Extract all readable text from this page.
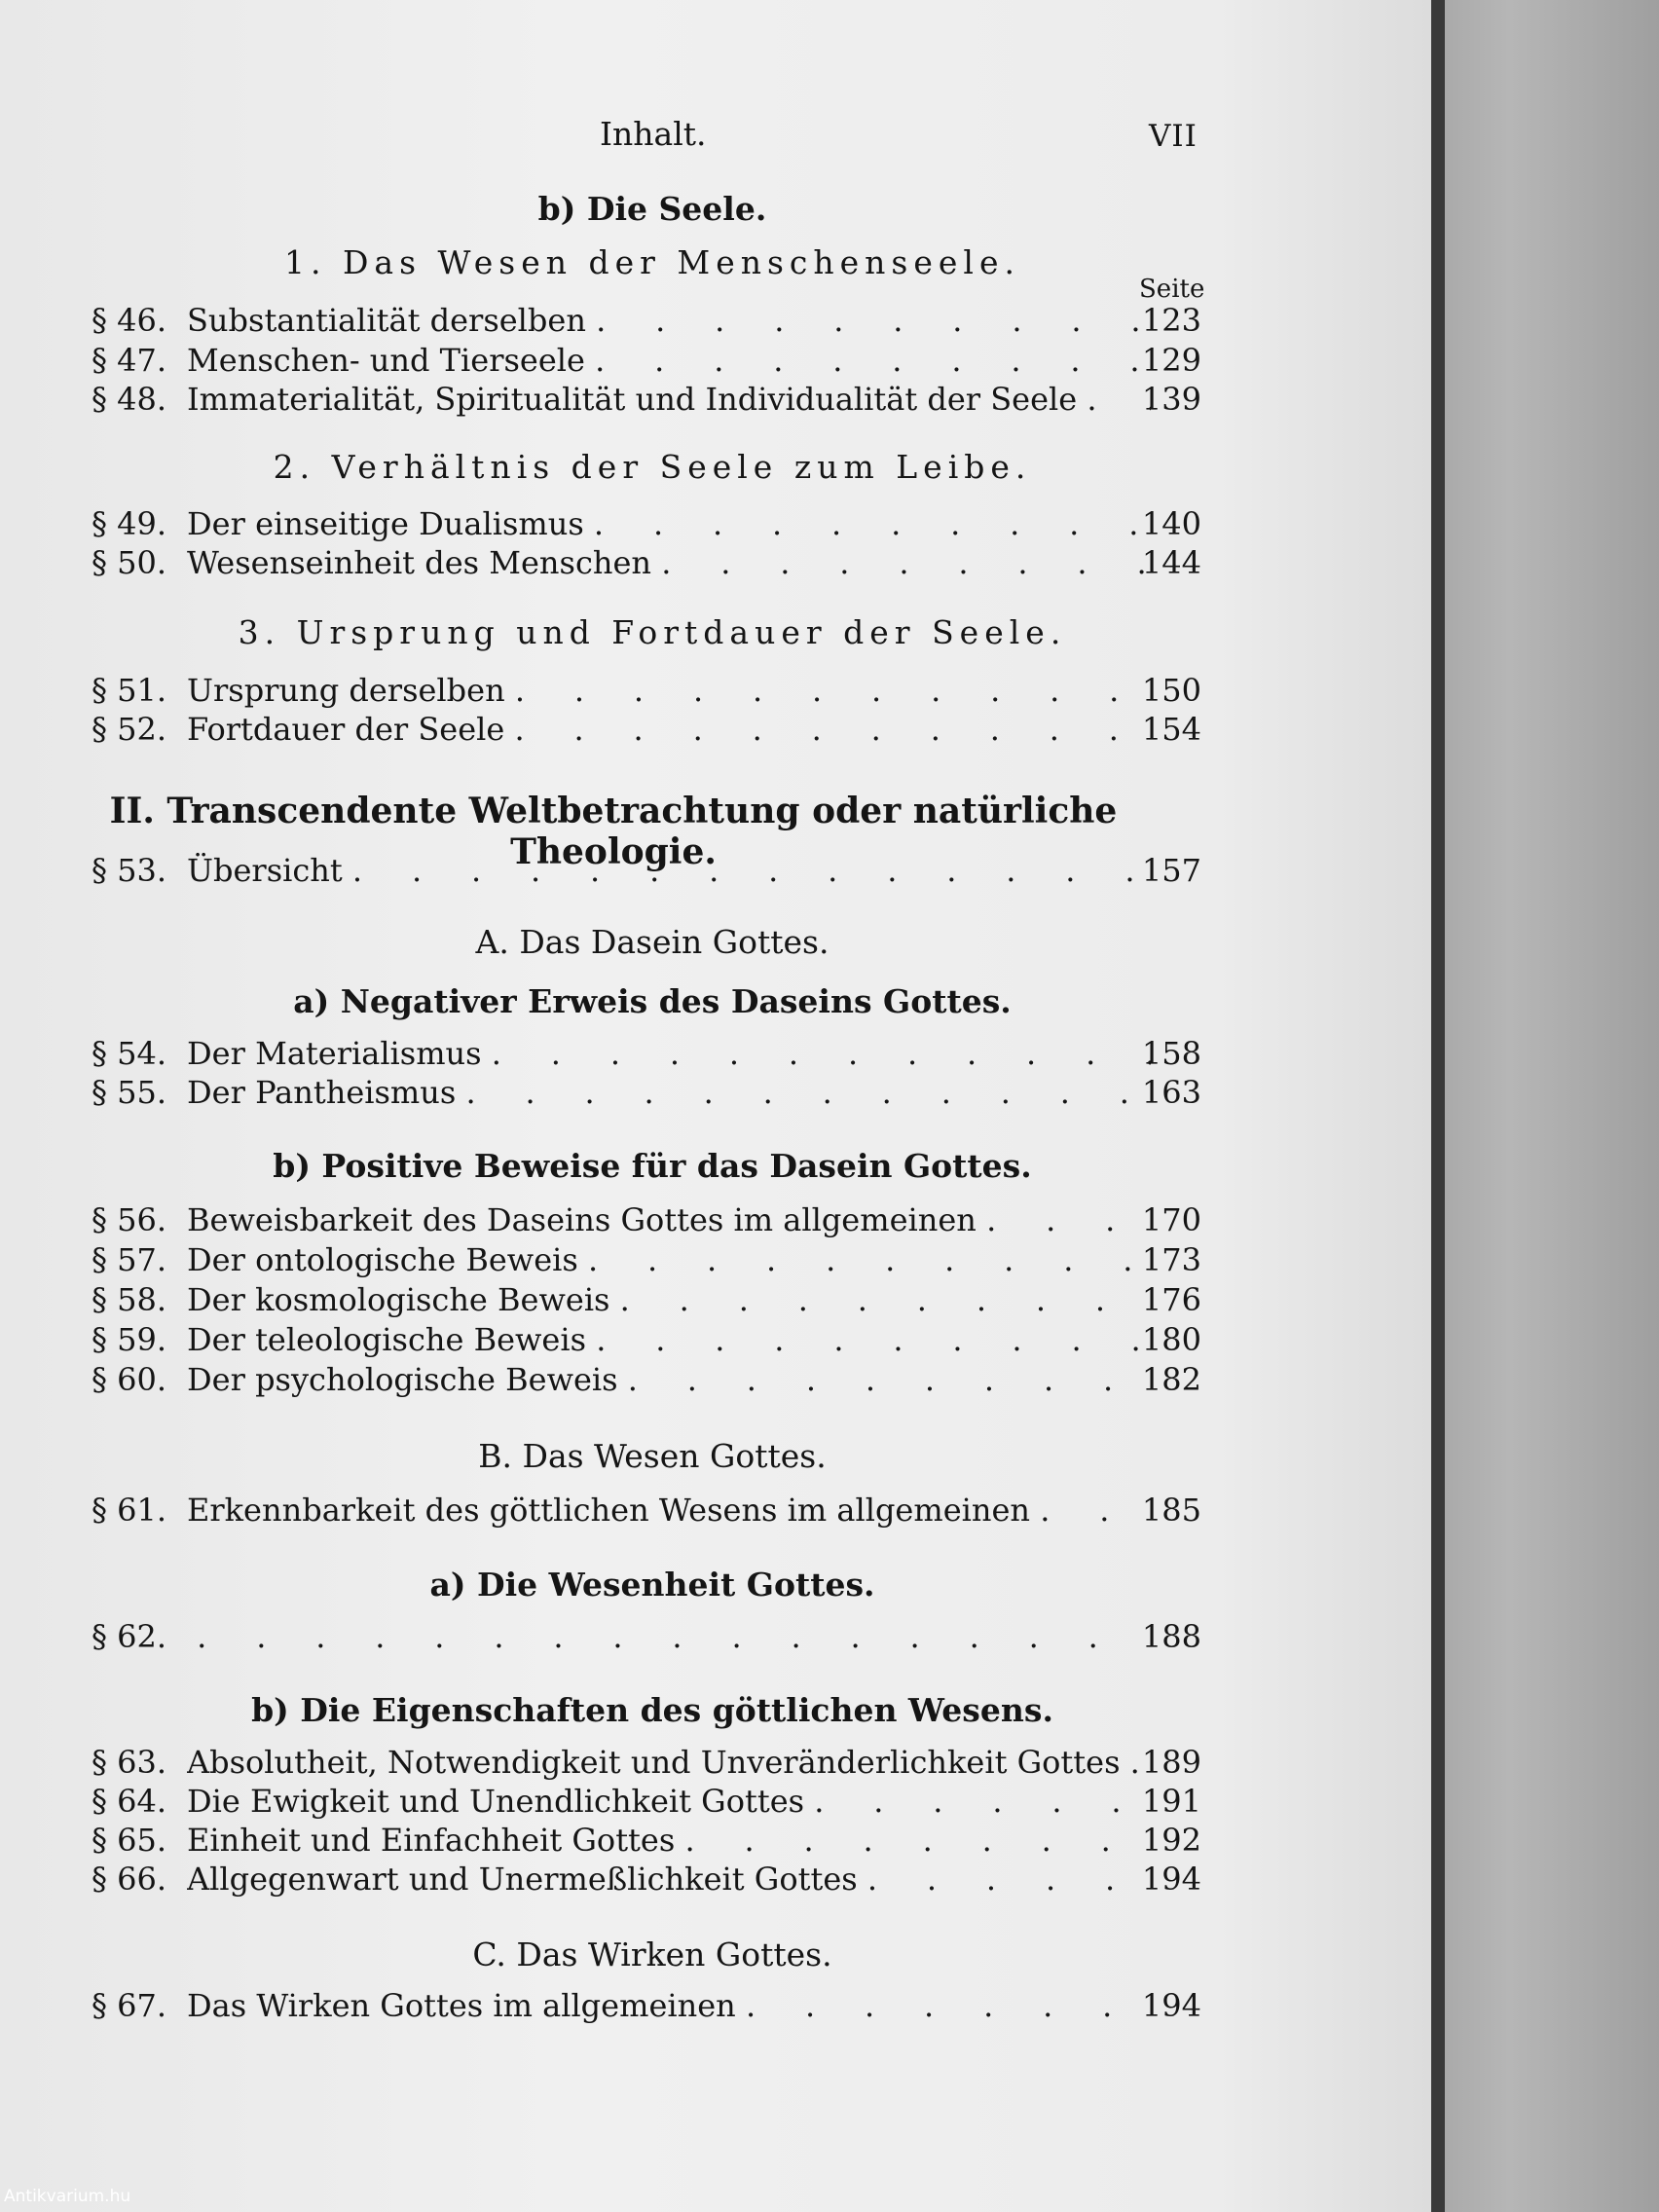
Inhalt.	VII
Seite
b) Die Seele.
1. Das Wesen der Menschenseele.
§ 46. Substantialität derselben .	123
§ 47. Menschen- und Tierseele .	129
§ 48. Immaterialität, Spiritualität und Individualität der Seele .	139
2. Verhältnis der Seele zum Leibe.
§ 49. Der einseitige Dualismus .	140
§ 50. Wesenseinheit des Menschen .	144
3. Ursprung und Fortdauer der Seele.
§ 51. Ursprung derselben .	150
§ 52. Fortdauer der Seele .	154
II. Transcendente Weltbetrachtung oder natürliche Theologie.
§ 53. Übersicht .	157
A. Das Dasein Gottes.
a) Negativer Erweis des Daseins Gottes.
§ 54. Der Materialismus .	158
§ 55. Der Pantheismus .	163
b) Positive Beweise für das Dasein Gottes.
§ 56. Beweisbarkeit des Daseins Gottes im allgemeinen .	170
§ 57. Der ontologische Beweis .	173
§ 58. Der kosmologische Beweis .	176
§ 59. Der teleologische Beweis .	180
§ 60. Der psychologische Beweis .	182
B. Das Wesen Gottes.
§ 61. Erkennbarkeit des göttlichen Wesens im allgemeinen .	185
a) Die Wesenheit Gottes.
§ 62. .	188
b) Die Eigenschaften des göttlichen Wesens.
§ 63. Absolutheit, Notwendigkeit und Unveränderlichkeit Gottes . 189
§ 64. Die Ewigkeit und Unendlichkeit Gottes .	191
§ 65. Einheit und Einfachheit Gottes .	192
§ 66. Allgegenwart und Unermeßlichkeit Gottes .	194
C. Das Wirken Gottes.
§ 67. Das Wirken Gottes im allgemeinen .	194
Antikvarium.hu
